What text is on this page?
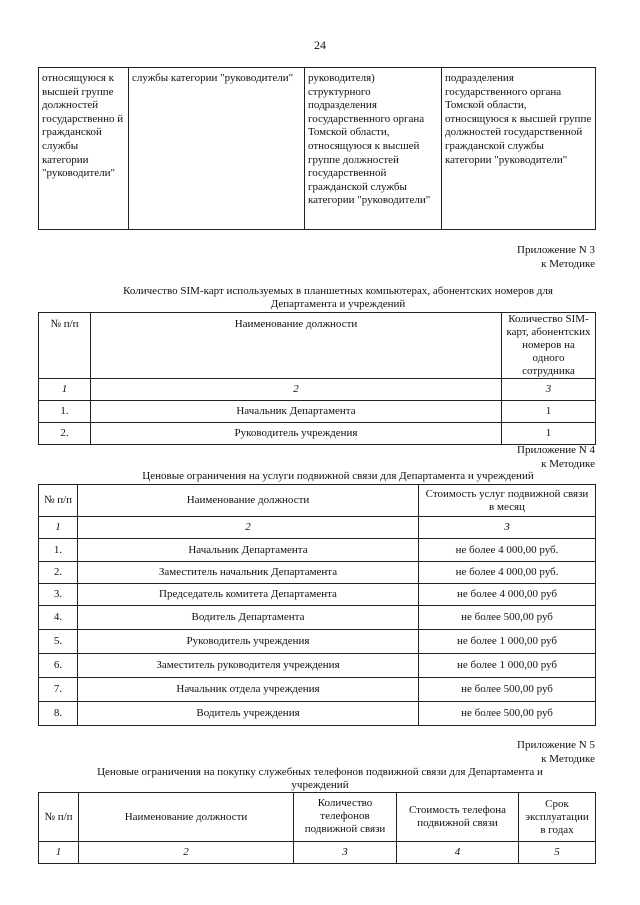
24
относящуюся к высшей группе должностей государственно й гражданской службы категории "руководители"	службы категории "руководители"	руководителя) структурного подразделения государственного органа Томской области, относящуюся к высшей группе должностей государственной гражданской службы категории "руководители"	подразделения государственного органа Томской области, относящуюся к высшей группе должностей государственной гражданской службы категории "руководители"
Приложение N 3
к Методике
Количество SIM-карт используемых в планшетных компьютерах, абонентских номеров для
Департамента и учреждений
№ п/п	Наименование должности	Количество SIM-карт, абонентских номеров на одного сотрудника
1	2	3
1.	Начальник Департамента	1
2.	Руководитель учреждения	1
Приложение N 4
к Методике
Ценовые ограничения на услуги подвижной связи для Департамента и учреждений
№ п/п	Наименование должности	Стоимость услуг подвижной связи в месяц
1	2	3
1.	Начальник Департамента	не более 4 000,00 руб.
2.	Заместитель начальник Департамента	не более 4 000,00 руб.
3.	Председатель комитета Департамента	не более 4 000,00 руб
4.	Водитель Департамента	не более 500,00 руб
5.	Руководитель учреждения	не более 1 000,00 руб
6.	Заместитель руководителя учреждения	не более 1 000,00 руб
7.	Начальник отдела учреждения	не более 500,00 руб
8.	Водитель учреждения	не более 500,00 руб
Приложение N 5
к Методике
Ценовые ограничения на покупку служебных телефонов подвижной связи для Департамента и
учреждений
№ п/п	Наименование должности	Количество телефонов подвижной связи	Стоимость телефона подвижной связи	Срок эксплуатации в годах
1	2	3	4	5
